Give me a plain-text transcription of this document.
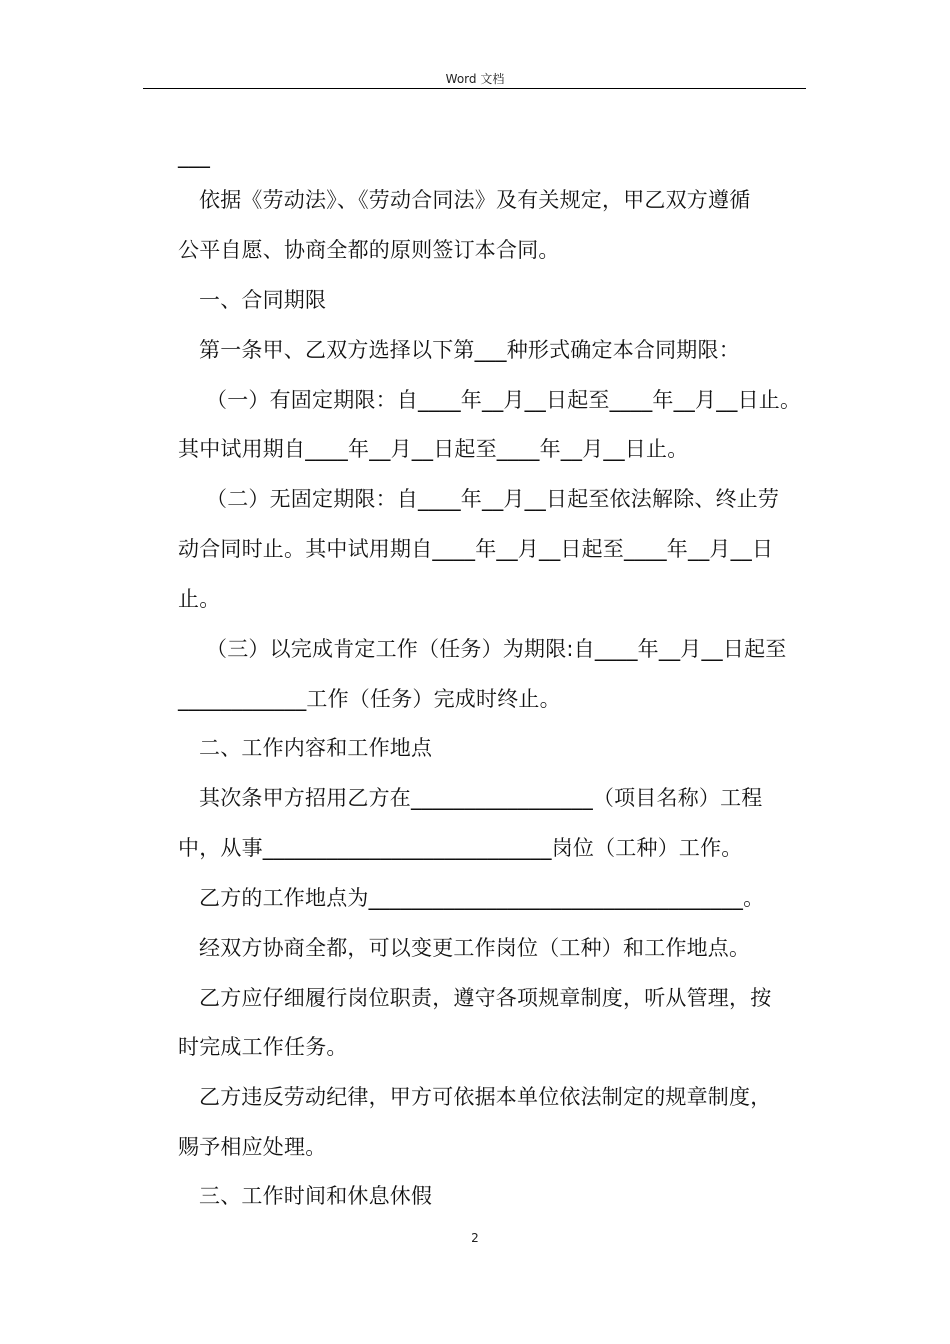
Word 文档
___
依据《劳动法》、《劳动合同法》及有关规定，甲乙双方遵循
公平自愿、协商全都的原则签订本合同。
一、合同期限
第一条甲、乙双方选择以下第___种形式确定本合同期限：
（一）有固定期限：自____年__月__日起至____年__月__日止。
其中试用期自____年__月__日起至____年__月__日止。
（二）无固定期限：自____年__月__日起至依法解除、终止劳
动合同时止。其中试用期自____年__月__日起至____年__月__日
止。
（三）以完成肯定工作（任务）为期限:自____年__月__日起至
____________工作（任务）完成时终止。
二、工作内容和工作地点
其次条甲方招用乙方在_________________（项目名称）工程
中，从事___________________________岗位（工种）工作。
乙方的工作地点为___________________________________。
经双方协商全都，可以变更工作岗位（工种）和工作地点。
乙方应仔细履行岗位职责，遵守各项规章制度，听从管理，按
时完成工作任务。
乙方违反劳动纪律，甲方可依据本单位依法制定的规章制度，
赐予相应处理。
三、工作时间和休息休假
2
